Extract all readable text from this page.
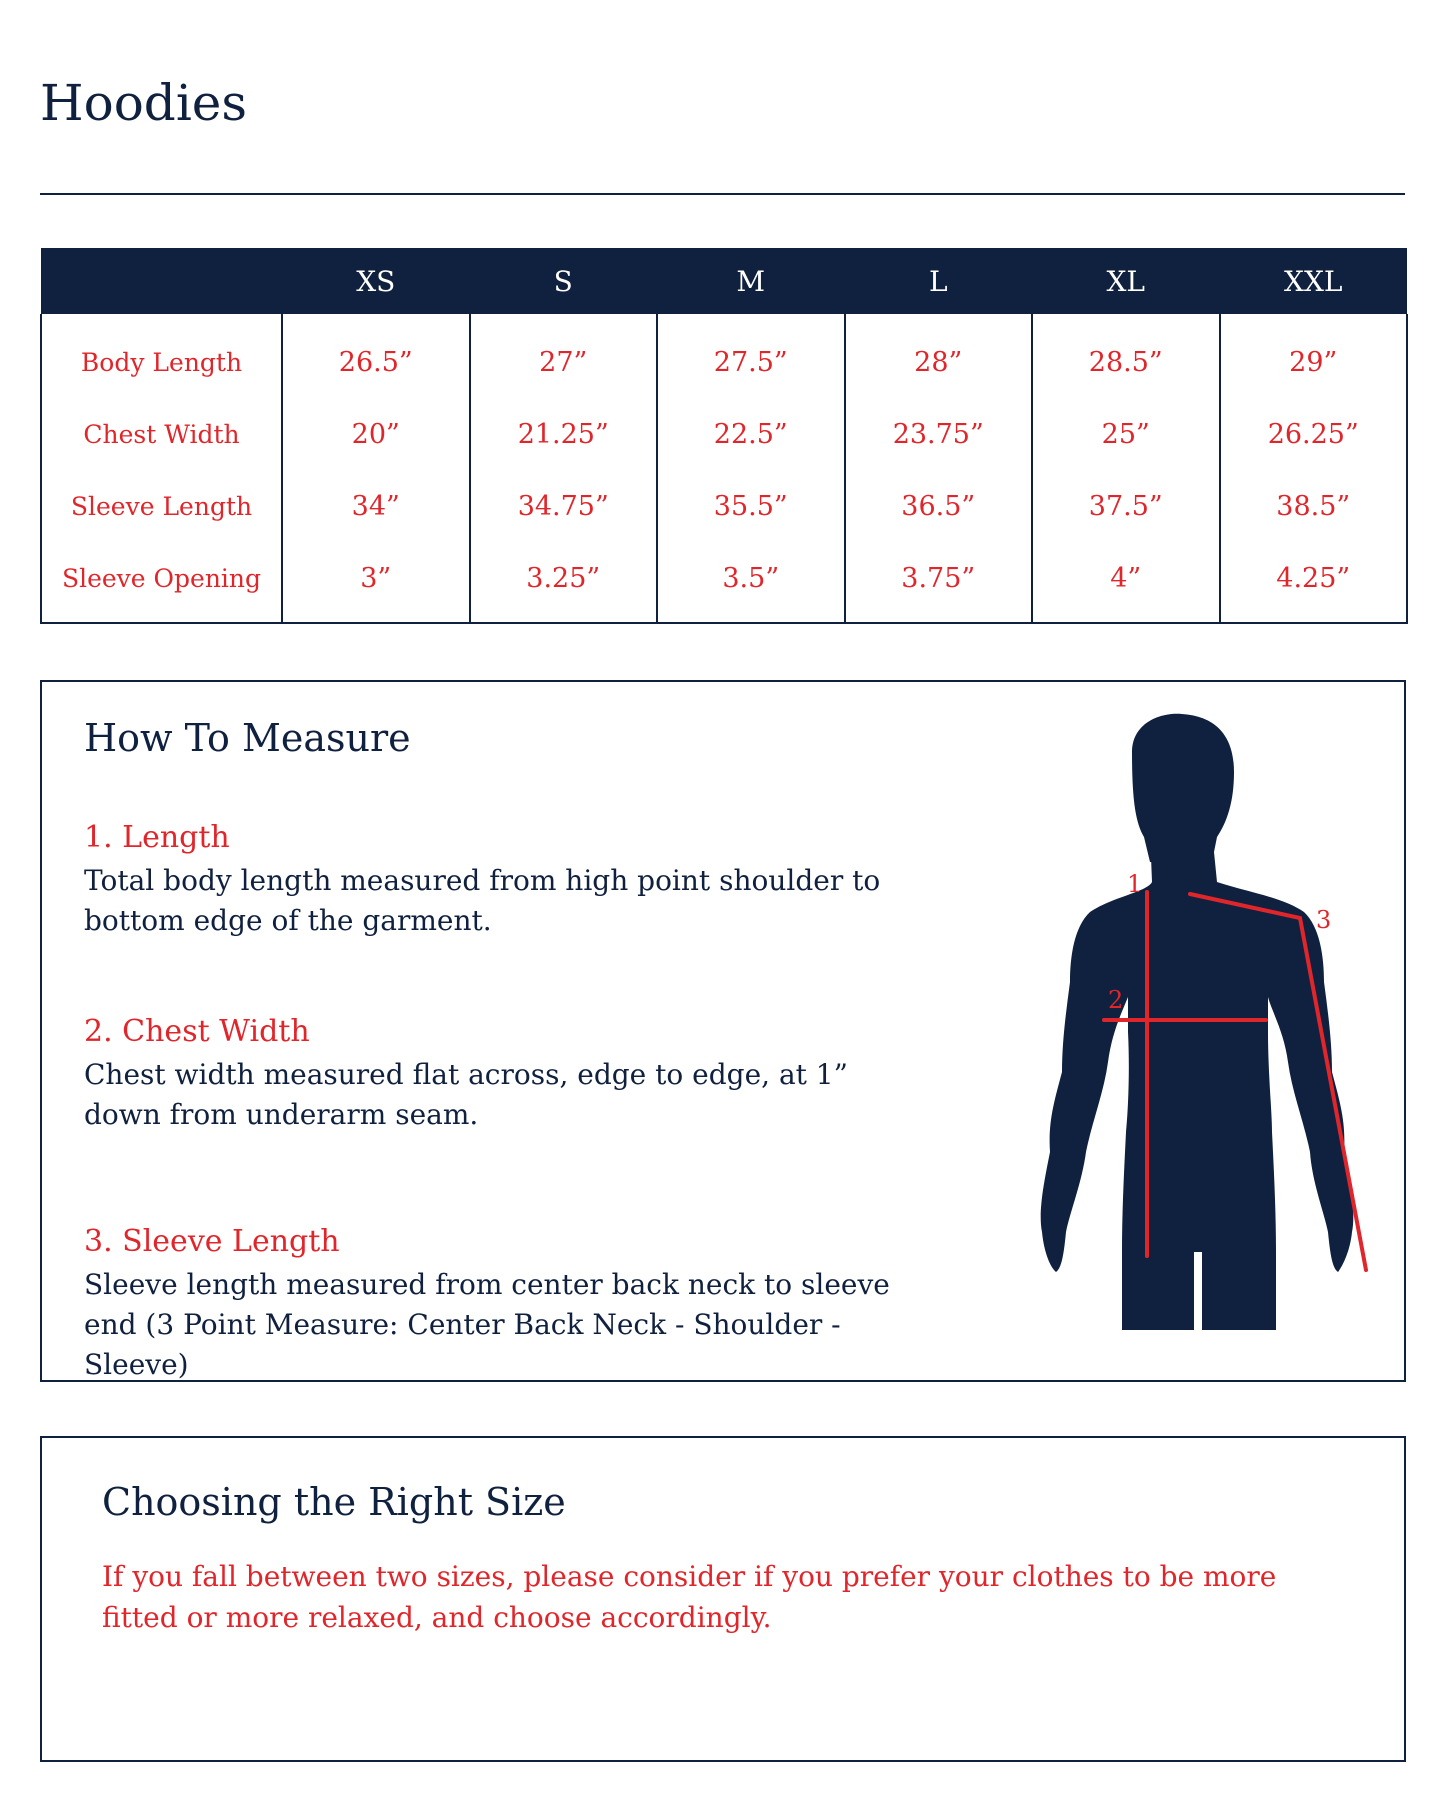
Hoodies
	XS	S	M	L	XL	XXL
Body Length	26.5”	27”	27.5”	28”	28.5”	29”
Chest Width	20”	21.25”	22.5”	23.75”	25”	26.25”
Sleeve Length	34”	34.75”	35.5”	36.5”	37.5”	38.5”
Sleeve Opening	3”	3.25”	3.5”	3.75”	4”	4.25”
How To Measure

1. Length

Total body length measured from high point shoulder to bottom edge of the garment.

2. Chest Width

Chest width measured flat across, edge to edge, at 1” down from underarm seam.

3. Sleeve Length

Sleeve length measured from center back neck to sleeve end (3 Point Measure: Center Back Neck - Shoulder - Sleeve)

1
2
3
Choosing the Right Size

If you fall between two sizes, please consider if you prefer your clothes to be more fitted or more relaxed, and choose accordingly.
